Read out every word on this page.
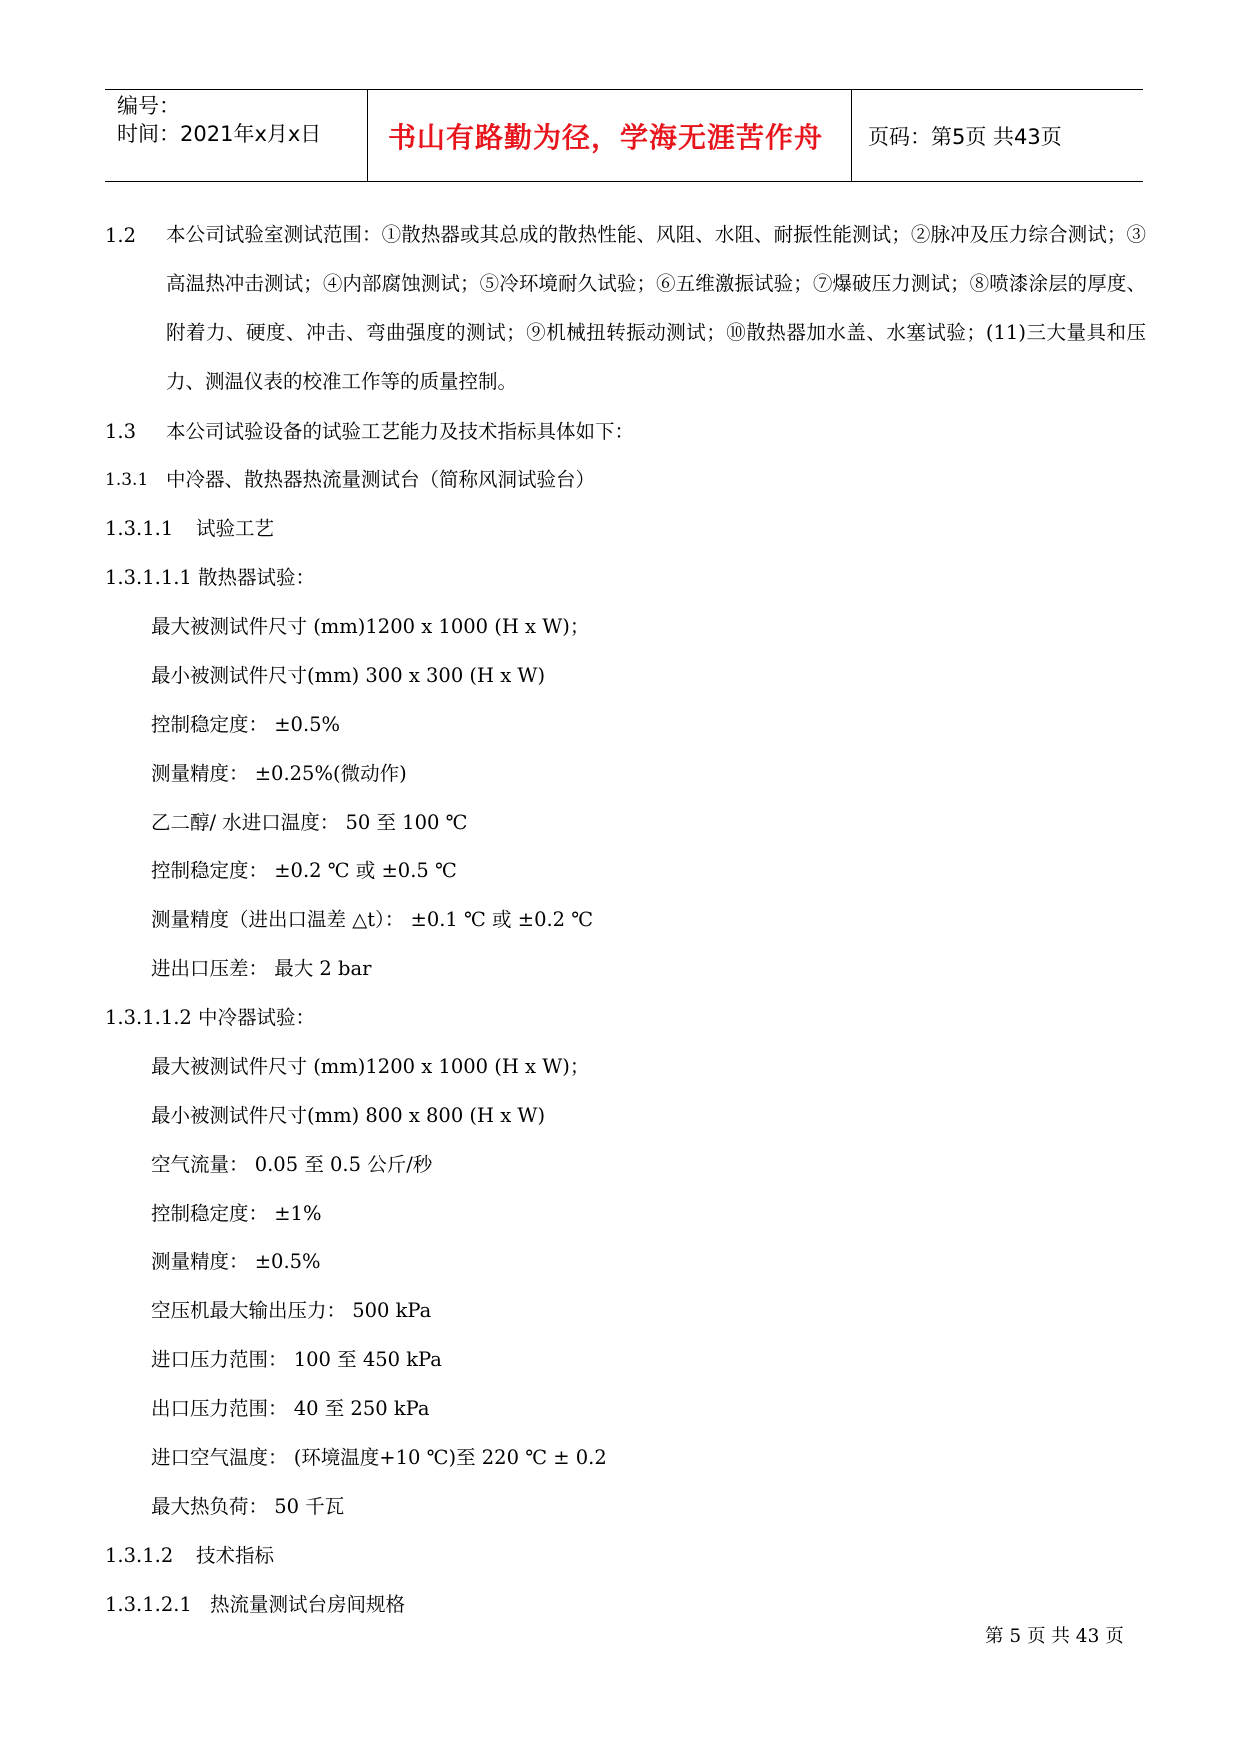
编号：
时间：2021年x月x日	书山有路勤为径，学海无涯苦作舟	页码：第5页 共43页
1.2 本公司试验室测试范围：①散热器或其总成的散热性能、风阻、水阻、耐振性能测试；②脉冲及压力综合测试；③高温热冲击测试；④内部腐蚀测试；⑤冷环境耐久试验；⑥五维激振试验；⑦爆破压力测试；⑧喷漆涂层的厚度、附着力、硬度、冲击、弯曲强度的测试；⑨机械扭转振动测试；⑩散热器加水盖、水塞试验；(11)三大量具和压力、测温仪表的校准工作等的质量控制。
1.3 本公司试验设备的试验工艺能力及技术指标具体如下：
1.3.1 中冷器、散热器热流量测试台（简称风洞试验台）
1.3.1.1 试验工艺
1.3.1.1.1 散热器试验：
最大被测试件尺寸 (mm)1200 x 1000 (H x W)；
最小被测试件尺寸(mm) 300 x 300 (H x W)
控制稳定度： ±0.5%
测量精度： ±0.25%(微动作)
乙二醇/ 水进口温度： 50 至 100 ℃
控制稳定度： ±0.2 ℃ 或 ±0.5 ℃
测量精度（进出口温差 △t）： ±0.1 ℃ 或 ±0.2 ℃
进出口压差： 最大 2 bar
1.3.1.1.2 中冷器试验：
最大被测试件尺寸 (mm)1200 x 1000 (H x W)；
最小被测试件尺寸(mm) 800 x 800 (H x W)
空气流量： 0.05 至 0.5 公斤/秒
控制稳定度： ±1%
测量精度： ±0.5%
空压机最大输出压力： 500 kPa
进口压力范围： 100 至 450 kPa
出口压力范围： 40 至 250 kPa
进口空气温度： (环境温度+10 ℃)至 220 ℃ ± 0.2
最大热负荷： 50 千瓦
1.3.1.2 技术指标
1.3.1.2.1 热流量测试台房间规格
第 5 页 共 43 页
